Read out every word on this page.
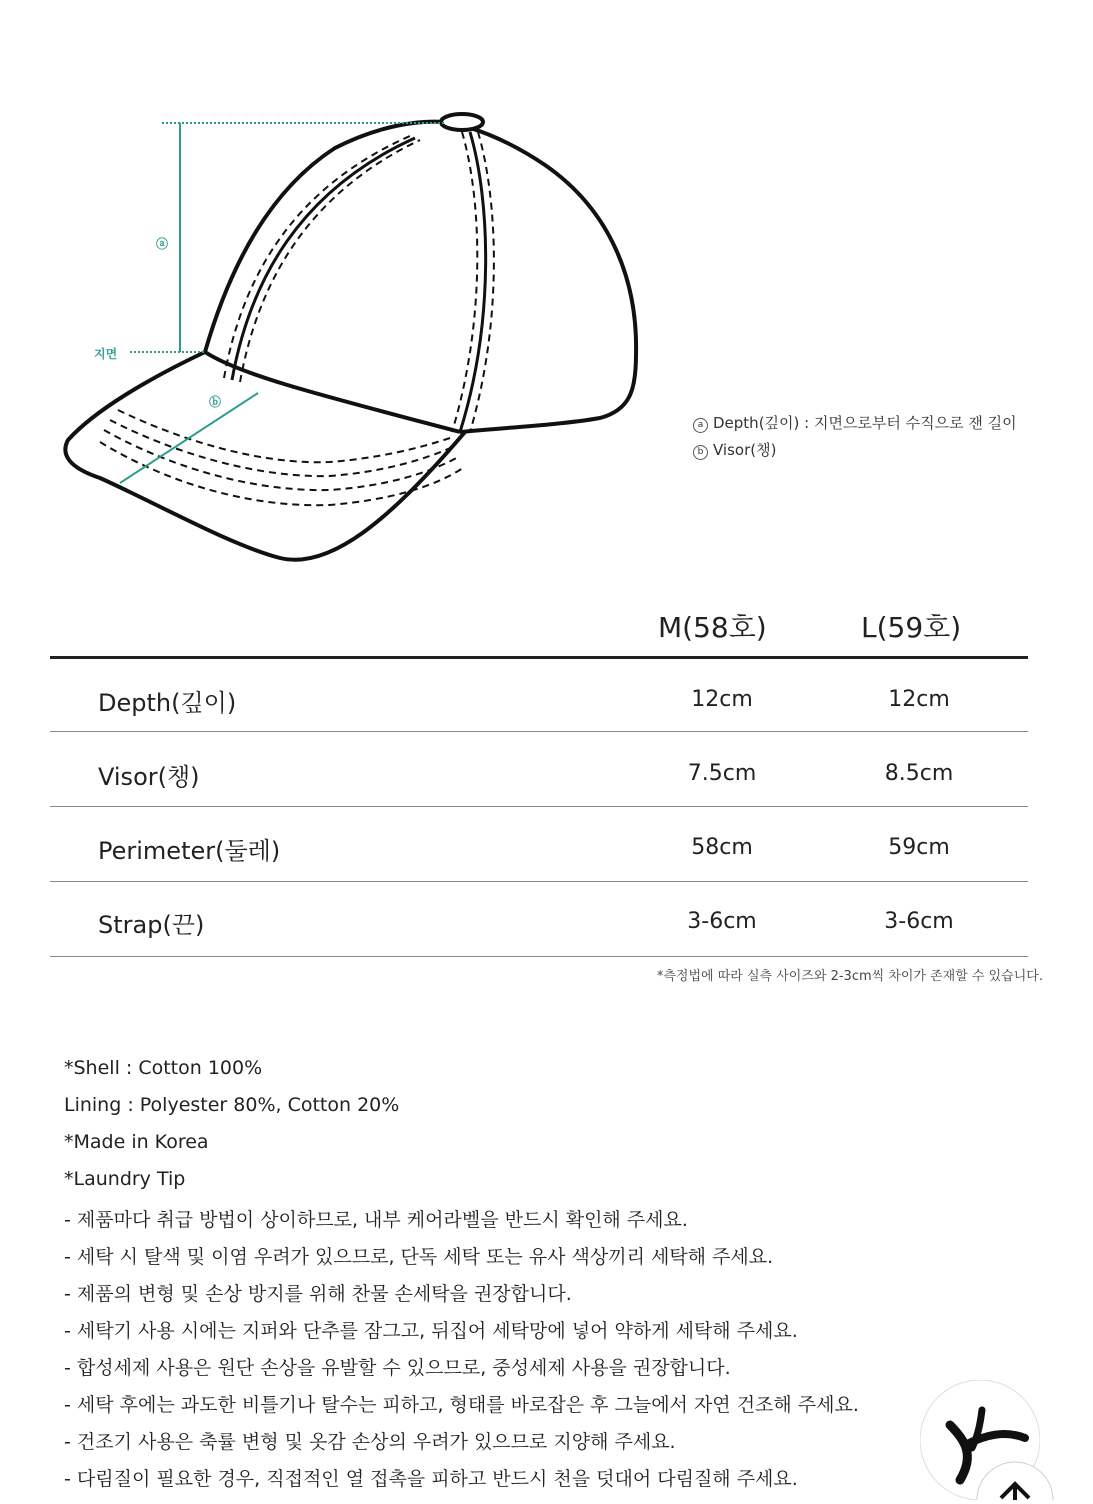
ⓐ
ⓑ
지면
a Depth(깊이) : 지면으로부터 수직으로 잰 길이
b Visor(챙)
M(58호)	L(59호)
Depth(깊이)	12cm	12cm
Visor(챙)	7.5cm	8.5cm
Perimeter(둘레)	58cm	59cm
Strap(끈)	3-6cm	3-6cm
*측정법에 따라 실측 사이즈와 2-3cm씩 차이가 존재할 수 있습니다.
*Shell : Cotton 100%
Lining : Polyester 80%, Cotton 20%
*Made in Korea
*Laundry Tip
- 제품마다 취급 방법이 상이하므로, 내부 케어라벨을 반드시 확인해 주세요.
- 세탁 시 탈색 및 이염 우려가 있으므로, 단독 세탁 또는 유사 색상끼리 세탁해 주세요.
- 제품의 변형 및 손상 방지를 위해 찬물 손세탁을 권장합니다.
- 세탁기 사용 시에는 지퍼와 단추를 잠그고, 뒤집어 세탁망에 넣어 약하게 세탁해 주세요.
- 합성세제 사용은 원단 손상을 유발할 수 있으므로, 중성세제 사용을 권장합니다.
- 세탁 후에는 과도한 비틀기나 탈수는 피하고, 형태를 바로잡은 후 그늘에서 자연 건조해 주세요.
- 건조기 사용은 축률 변형 및 옷감 손상의 우려가 있으므로 지양해 주세요.
- 다림질이 필요한 경우, 직접적인 열 접촉을 피하고 반드시 천을 덧대어 다림질해 주세요.
